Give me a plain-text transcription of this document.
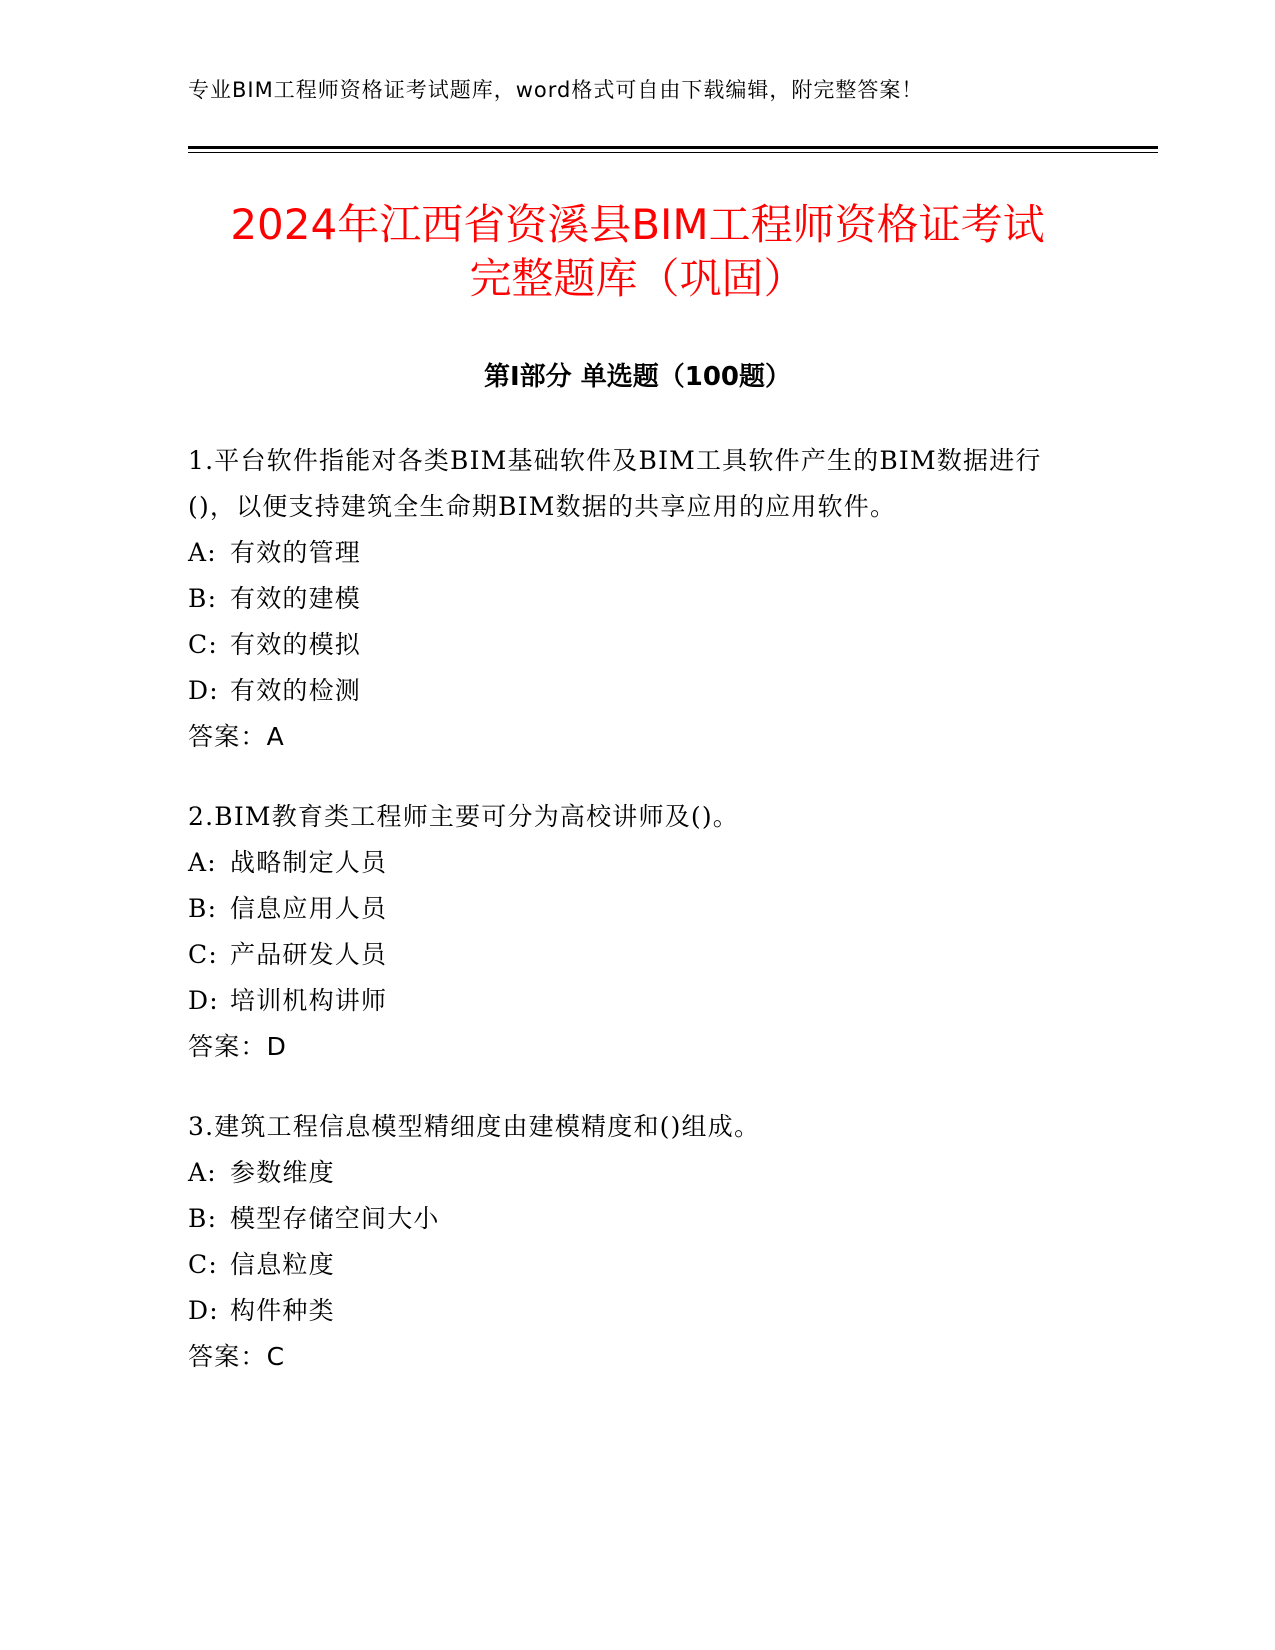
专业BIM工程师资格证考试题库，word格式可自由下载编辑，附完整答案！
2024年江西省资溪县BIM工程师资格证考试
完整题库（巩固）
第I部分 单选题（100题）

1.平台软件指能对各类BIM基础软件及BIM工具软件产生的BIM数据进行()，以便支持建筑全生命期BIM数据的共享应用的应用软件。

A: 有效的管理
B: 有效的建模
C: 有效的模拟
D: 有效的检测
答案：A

2.BIM教育类工程师主要可分为高校讲师及()。

A: 战略制定人员
B: 信息应用人员
C: 产品研发人员
D: 培训机构讲师
答案：D

3.建筑工程信息模型精细度由建模精度和()组成。

A: 参数维度
B: 模型存储空间大小
C: 信息粒度
D: 构件种类
答案：C
